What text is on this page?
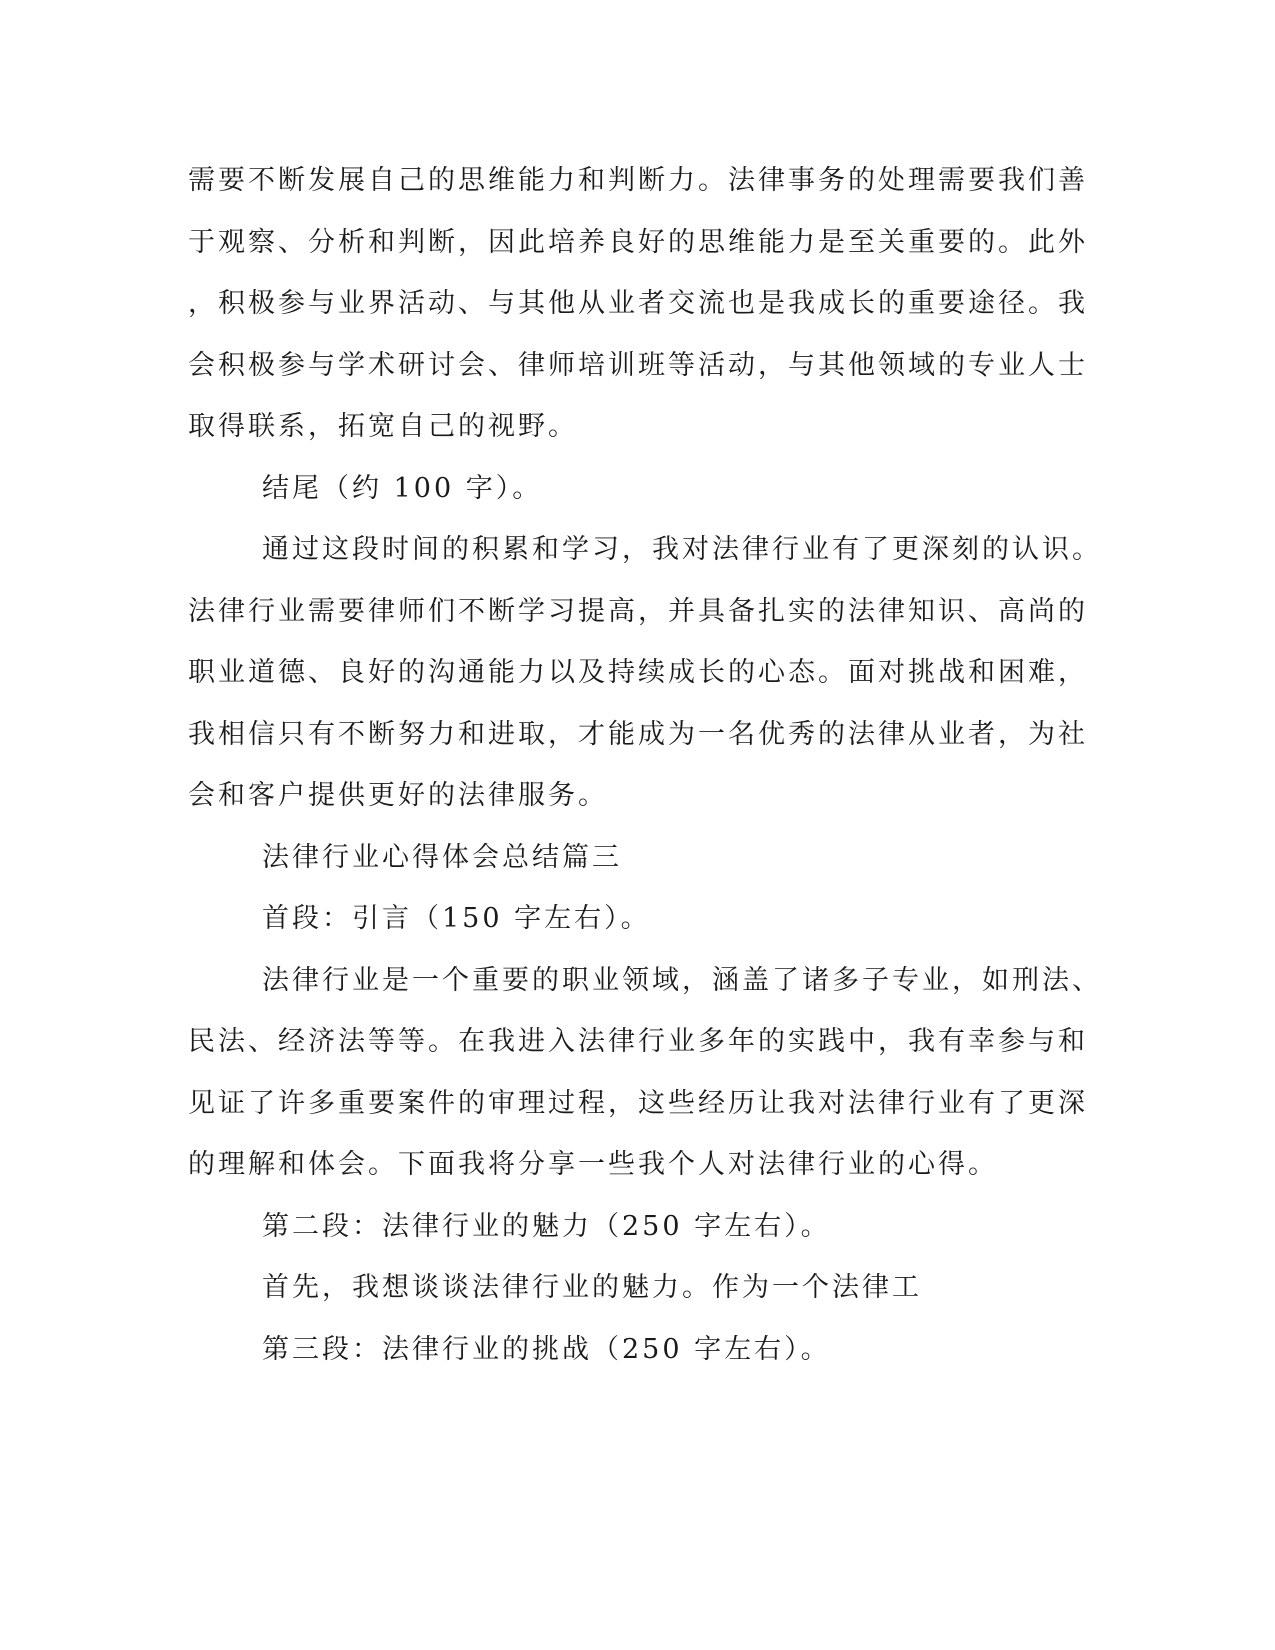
需要不断发展自己的思维能力和判断力。法律事务的处理需要我们善
于观察、分析和判断，因此培养良好的思维能力是至关重要的。此外
，积极参与业界活动、与其他从业者交流也是我成长的重要途径。我
会积极参与学术研讨会、律师培训班等活动，与其他领域的专业人士
取得联系，拓宽自己的视野。
结尾（约 100 字）。
通过这段时间的积累和学习，我对法律行业有了更深刻的认识。
法律行业需要律师们不断学习提高，并具备扎实的法律知识、高尚的
职业道德、良好的沟通能力以及持续成长的心态。面对挑战和困难，
我相信只有不断努力和进取，才能成为一名优秀的法律从业者，为社
会和客户提供更好的法律服务。
法律行业心得体会总结篇三
首段：引言（150 字左右）。
法律行业是一个重要的职业领域，涵盖了诸多子专业，如刑法、
民法、经济法等等。在我进入法律行业多年的实践中，我有幸参与和
见证了许多重要案件的审理过程，这些经历让我对法律行业有了更深
的理解和体会。下面我将分享一些我个人对法律行业的心得。
第二段：法律行业的魅力（250 字左右）。
首先，我想谈谈法律行业的魅力。作为一个法律工
第三段：法律行业的挑战（250 字左右）。
